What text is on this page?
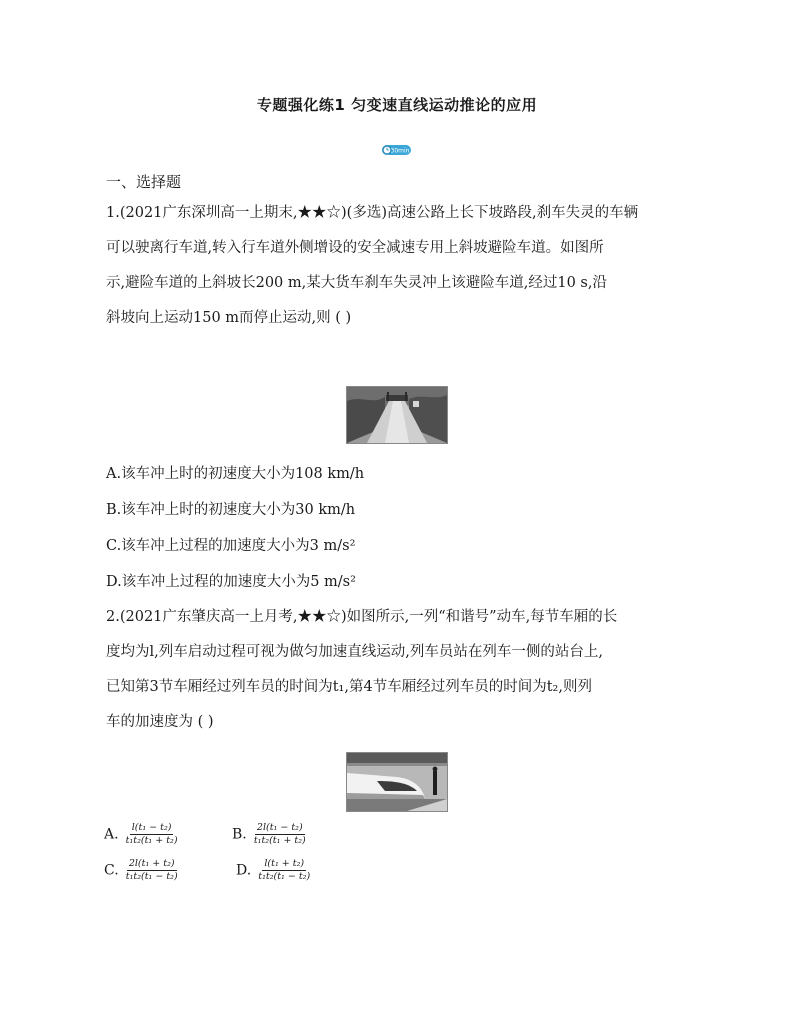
专题强化练1 匀变速直线运动推论的应用
30min
一、选择题
1.(2021广东深圳高一上期末,★★☆)(多选)高速公路上长下坡路段,刹车失灵的车辆
可以驶离行车道,转入行车道外侧增设的安全减速专用上斜坡避险车道。如图所
示,避险车道的上斜坡长200 m,某大货车刹车失灵冲上该避险车道,经过10 s,沿
斜坡向上运动150 m而停止运动,则 ( )
A.该车冲上时的初速度大小为108 km/h
B.该车冲上时的初速度大小为30 km/h
C.该车冲上过程的加速度大小为3 m/s²
D.该车冲上过程的加速度大小为5 m/s²
2.(2021广东肇庆高一上月考,★★☆)如图所示,一列“和谐号”动车,每节车厢的长
度均为l,列车启动过程可视为做匀加速直线运动,列车员站在列车一侧的站台上,
已知第3节车厢经过列车员的时间为t₁,第4节车厢经过列车员的时间为t₂,则列
车的加速度为 ( )
A. $\frac{\text{l(t₁ − t₂)}}{\text{t₁t₂(t₁ + t₂)}}$	B. $\frac{\text{2l(t₁ − t₂)}}{\text{t₁t₂(t₁ + t₂)}}$
C. $\frac{\text{2l(t₁ + t₂)}}{\text{t₁t₂(t₁ − t₂)}}$	D. $\frac{\text{l(t₁ + t₂)}}{\text{t₁t₂(t₁ − t₂)}}$
